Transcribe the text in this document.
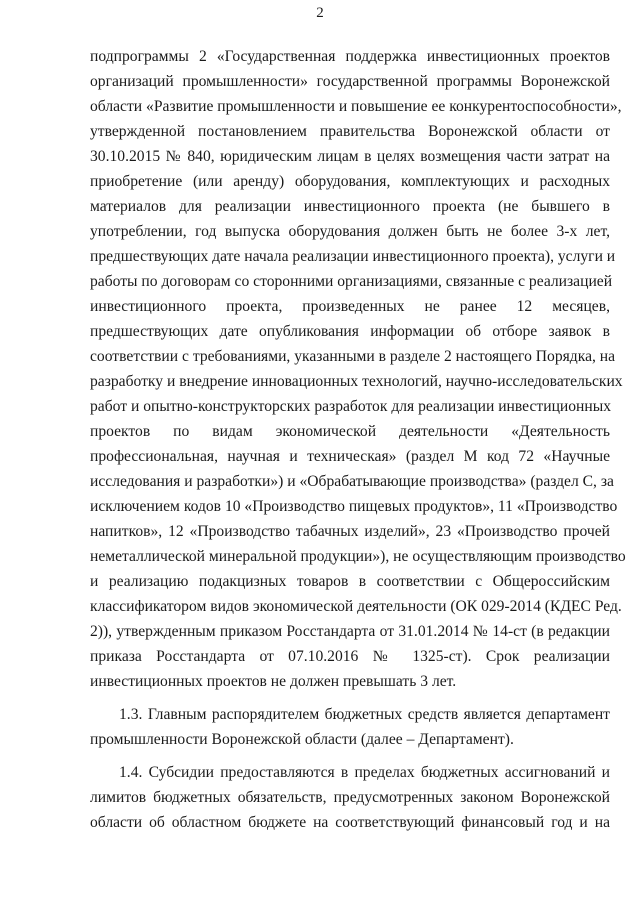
2
подпрограммы 2 «Государственная поддержка инвестиционных проектов
организаций промышленности» государственной программы Воронежской
области «Развитие промышленности и повышение ее конкурентоспособности»,
утвержденной постановлением правительства Воронежской области от
30.10.2015 № 840, юридическим лицам в целях возмещения части затрат на
приобретение (или аренду) оборудования, комплектующих и расходных
материалов для реализации инвестиционного проекта (не бывшего в
употреблении, год выпуска оборудования должен быть не более 3-х лет,
предшествующих дате начала реализации инвестиционного проекта), услуги и
работы по договорам со сторонними организациями, связанные с реализацией
инвестиционного проекта, произведенных не ранее 12 месяцев,
предшествующих дате опубликования информации об отборе заявок в
соответствии с требованиями, указанными в разделе 2 настоящего Порядка, на
разработку и внедрение инновационных технологий, научно-исследовательских
работ и опытно-конструкторских разработок для реализации инвестиционных
проектов по видам экономической деятельности «Деятельность
профессиональная, научная и техническая» (раздел М код 72 «Научные
исследования и разработки») и «Обрабатывающие производства» (раздел С, за
исключением кодов 10 «Производство пищевых продуктов», 11 «Производство
напитков», 12 «Производство табачных изделий», 23 «Производство прочей
неметаллической минеральной продукции»), не осуществляющим производство
и реализацию подакцизных товаров в соответствии с Общероссийским
классификатором видов экономической деятельности (ОК 029-2014 (КДЕС Ред.
2)), утвержденным приказом Росстандарта от 31.01.2014 № 14-ст (в редакции
приказа Росстандарта от 07.10.2016 № 1325-ст). Срок реализации
инвестиционных проектов не должен превышать 3 лет.
1.3. Главным распорядителем бюджетных средств является департамент
промышленности Воронежской области (далее – Департамент).
1.4. Субсидии предоставляются в пределах бюджетных ассигнований и
лимитов бюджетных обязательств, предусмотренных законом Воронежской
области об областном бюджете на соответствующий финансовый год и на
